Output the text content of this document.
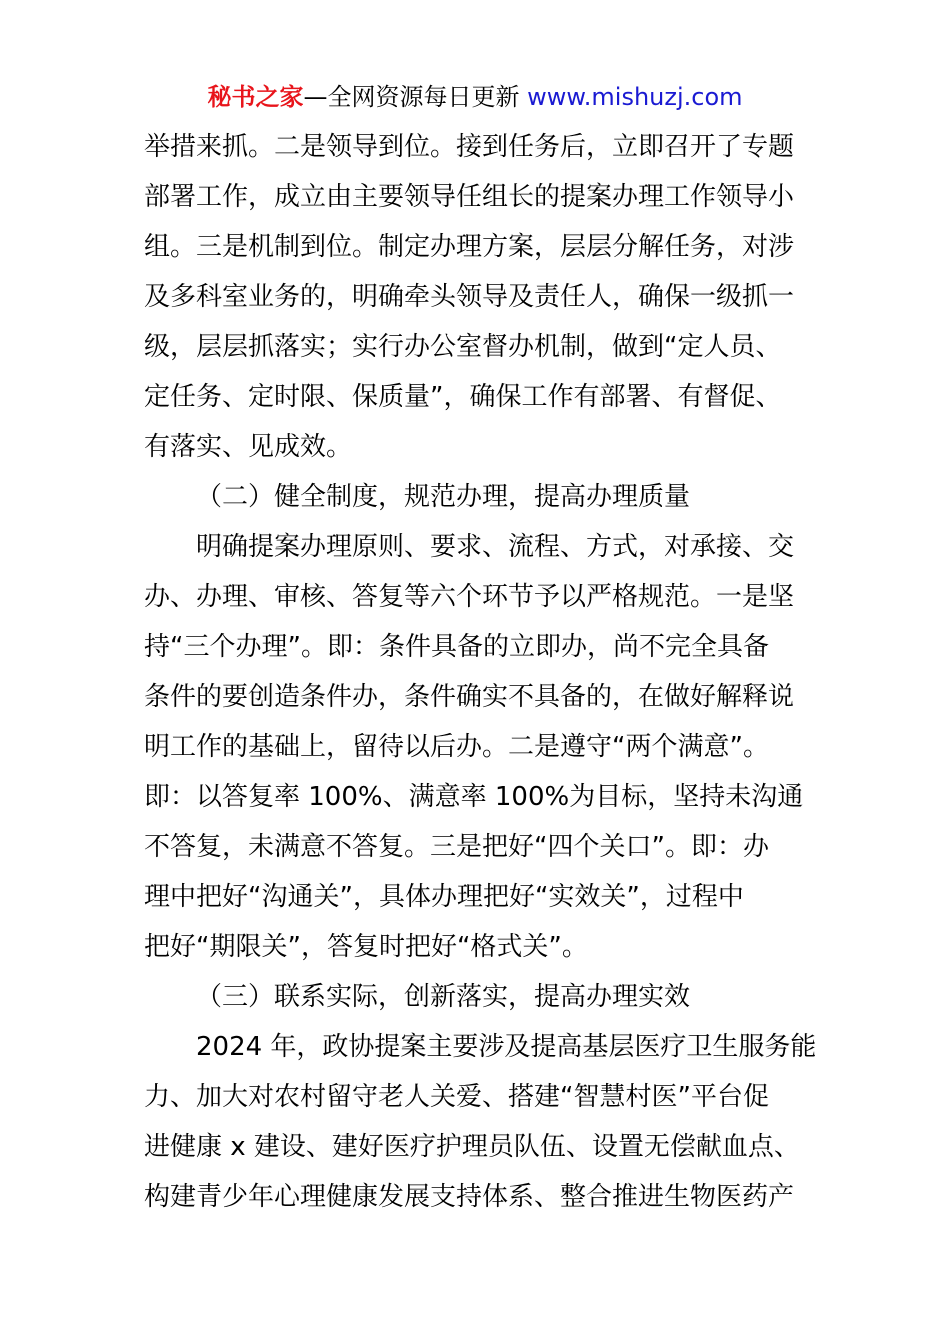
秘书之家—全网资源每日更新 www.mishuzj.com
举措来抓。二是领导到位。接到任务后，立即召开了专题
部署工作，成立由主要领导任组长的提案办理工作领导小
组。三是机制到位。制定办理方案，层层分解任务，对涉
及多科室业务的，明确牵头领导及责任人，确保一级抓一
级，层层抓落实；实行办公室督办机制，做到“定人员、
定任务、定时限、保质量”，确保工作有部署、有督促、
有落实、见成效。
（二）健全制度，规范办理，提高办理质量
明确提案办理原则、要求、流程、方式，对承接、交
办、办理、审核、答复等六个环节予以严格规范。一是坚
持“三个办理”。即：条件具备的立即办，尚不完全具备
条件的要创造条件办，条件确实不具备的，在做好解释说
明工作的基础上，留待以后办。二是遵守“两个满意”。
即：以答复率 100%、满意率 100%为目标，坚持未沟通
不答复，未满意不答复。三是把好“四个关口”。即：办
理中把好“沟通关”，具体办理把好“实效关”，过程中
把好“期限关”，答复时把好“格式关”。
（三）联系实际，创新落实，提高办理实效
2024 年，政协提案主要涉及提高基层医疗卫生服务能
力、加大对农村留守老人关爱、搭建“智慧村医”平台促
进健康 x 建设、建好医疗护理员队伍、设置无偿献血点、
构建青少年心理健康发展支持体系、整合推进生物医药产
